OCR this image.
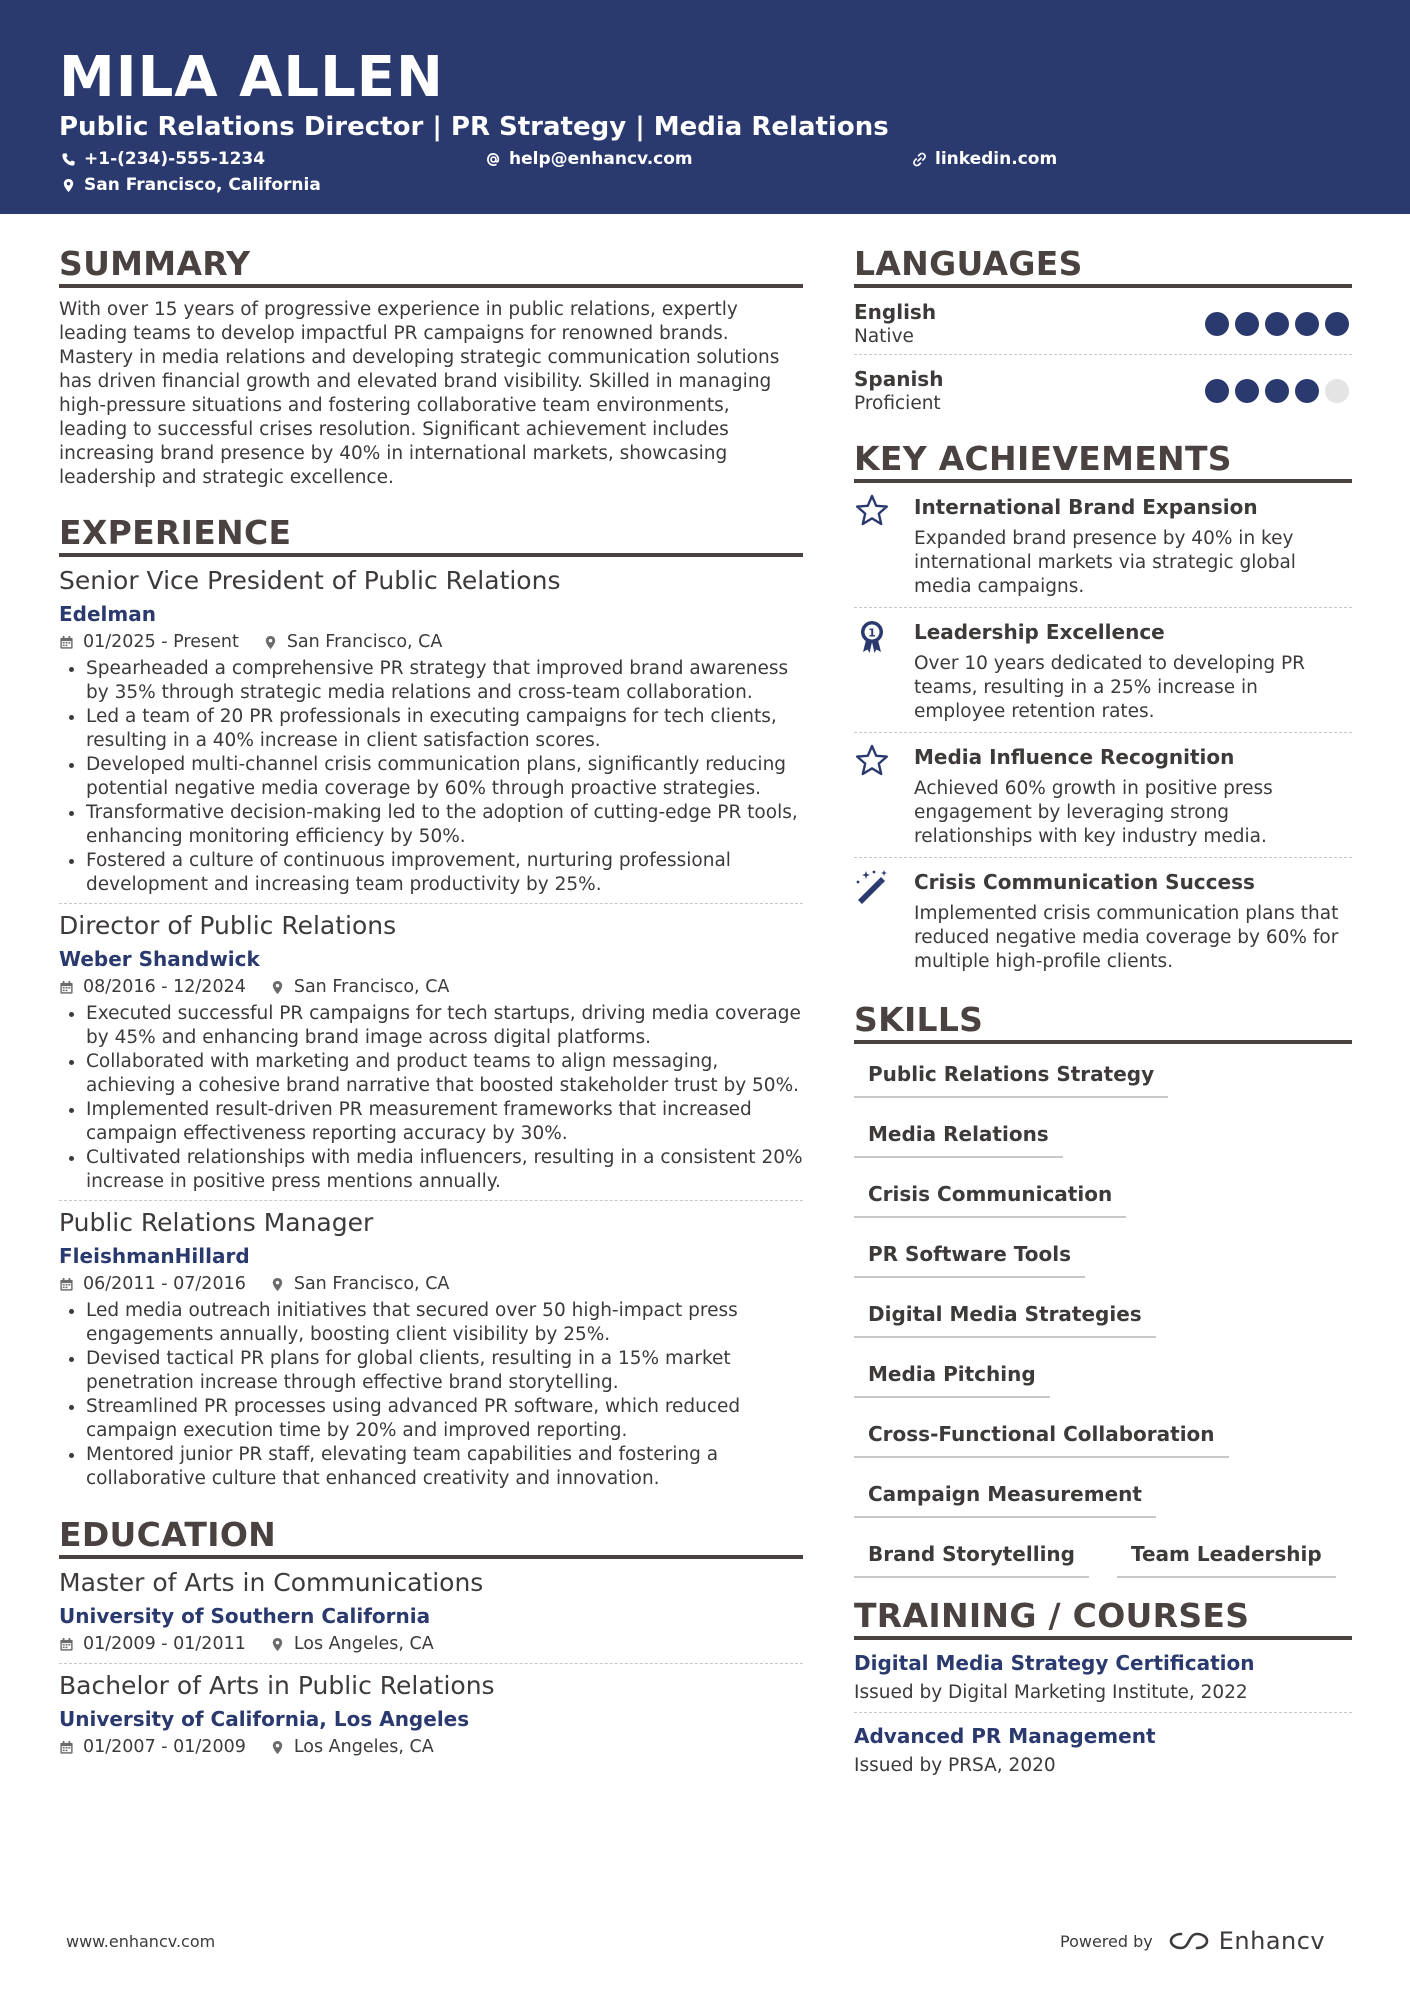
MILA ALLEN
Public Relations Director | PR Strategy | Media Relations
+1-(234)-555-1234	help@enhancv.com	linkedin.com
San Francisco, California
SUMMARY

With over 15 years of progressive experience in public relations, expertly leading teams to develop impactful PR campaigns for renowned brands. Mastery in media relations and developing strategic communication solutions has driven financial growth and elevated brand visibility. Skilled in managing high-pressure situations and fostering collaborative team environments, leading to successful crises resolution. Significant achievement includes increasing brand presence by 40% in international markets, showcasing leadership and strategic excellence.

EXPERIENCE
Senior Vice President of Public Relations
Edelman
01/2025 - Present	San Francisco, CA
• Spearheaded a comprehensive PR strategy that improved brand awareness by 35% through strategic media relations and cross-team collaboration.
• Led a team of 20 PR professionals in executing campaigns for tech clients, resulting in a 40% increase in client satisfaction scores.
• Developed multi-channel crisis communication plans, significantly reducing potential negative media coverage by 60% through proactive strategies.
• Transformative decision-making led to the adoption of cutting-edge PR tools, enhancing monitoring efficiency by 50%.
• Fostered a culture of continuous improvement, nurturing professional development and increasing team productivity by 25%.
Director of Public Relations
Weber Shandwick
08/2016 - 12/2024	San Francisco, CA
• Executed successful PR campaigns for tech startups, driving media coverage by 45% and enhancing brand image across digital platforms.
• Collaborated with marketing and product teams to align messaging, achieving a cohesive brand narrative that boosted stakeholder trust by 50%.
• Implemented result-driven PR measurement frameworks that increased campaign effectiveness reporting accuracy by 30%.
• Cultivated relationships with media influencers, resulting in a consistent 20% increase in positive press mentions annually.
Public Relations Manager
FleishmanHillard
06/2011 - 07/2016	San Francisco, CA
• Led media outreach initiatives that secured over 50 high-impact press engagements annually, boosting client visibility by 25%.
• Devised tactical PR plans for global clients, resulting in a 15% market penetration increase through effective brand storytelling.
• Streamlined PR processes using advanced PR software, which reduced campaign execution time by 20% and improved reporting.
• Mentored junior PR staff, elevating team capabilities and fostering a collaborative culture that enhanced creativity and innovation.
EDUCATION
Master of Arts in Communications
University of Southern California
01/2009 - 01/2011	Los Angeles, CA
Bachelor of Arts in Public Relations
University of California, Los Angeles
01/2007 - 01/2009	Los Angeles, CA
LANGUAGES
English
Native
Spanish
Proficient
KEY ACHIEVEMENTS
International Brand Expansion
Expanded brand presence by 40% in key international markets via strategic global media campaigns.
1 Leadership Excellence
Over 10 years dedicated to developing PR teams, resulting in a 25% increase in employee retention rates.
Media Influence Recognition
Achieved 60% growth in positive press engagement by leveraging strong relationships with key industry media.
Crisis Communication Success
Implemented crisis communication plans that reduced negative media coverage by 60% for multiple high-profile clients.
SKILLS
Public Relations Strategy
Media Relations
Crisis Communication
PR Software Tools
Digital Media Strategies
Media Pitching
Cross-Functional Collaboration
Campaign Measurement
Brand Storytelling	Team Leadership
TRAINING / COURSES
Digital Media Strategy Certification
Issued by Digital Marketing Institute, 2022
Advanced PR Management
Issued by PRSA, 2020
www.enhancv.com	Powered by	Enhancv
